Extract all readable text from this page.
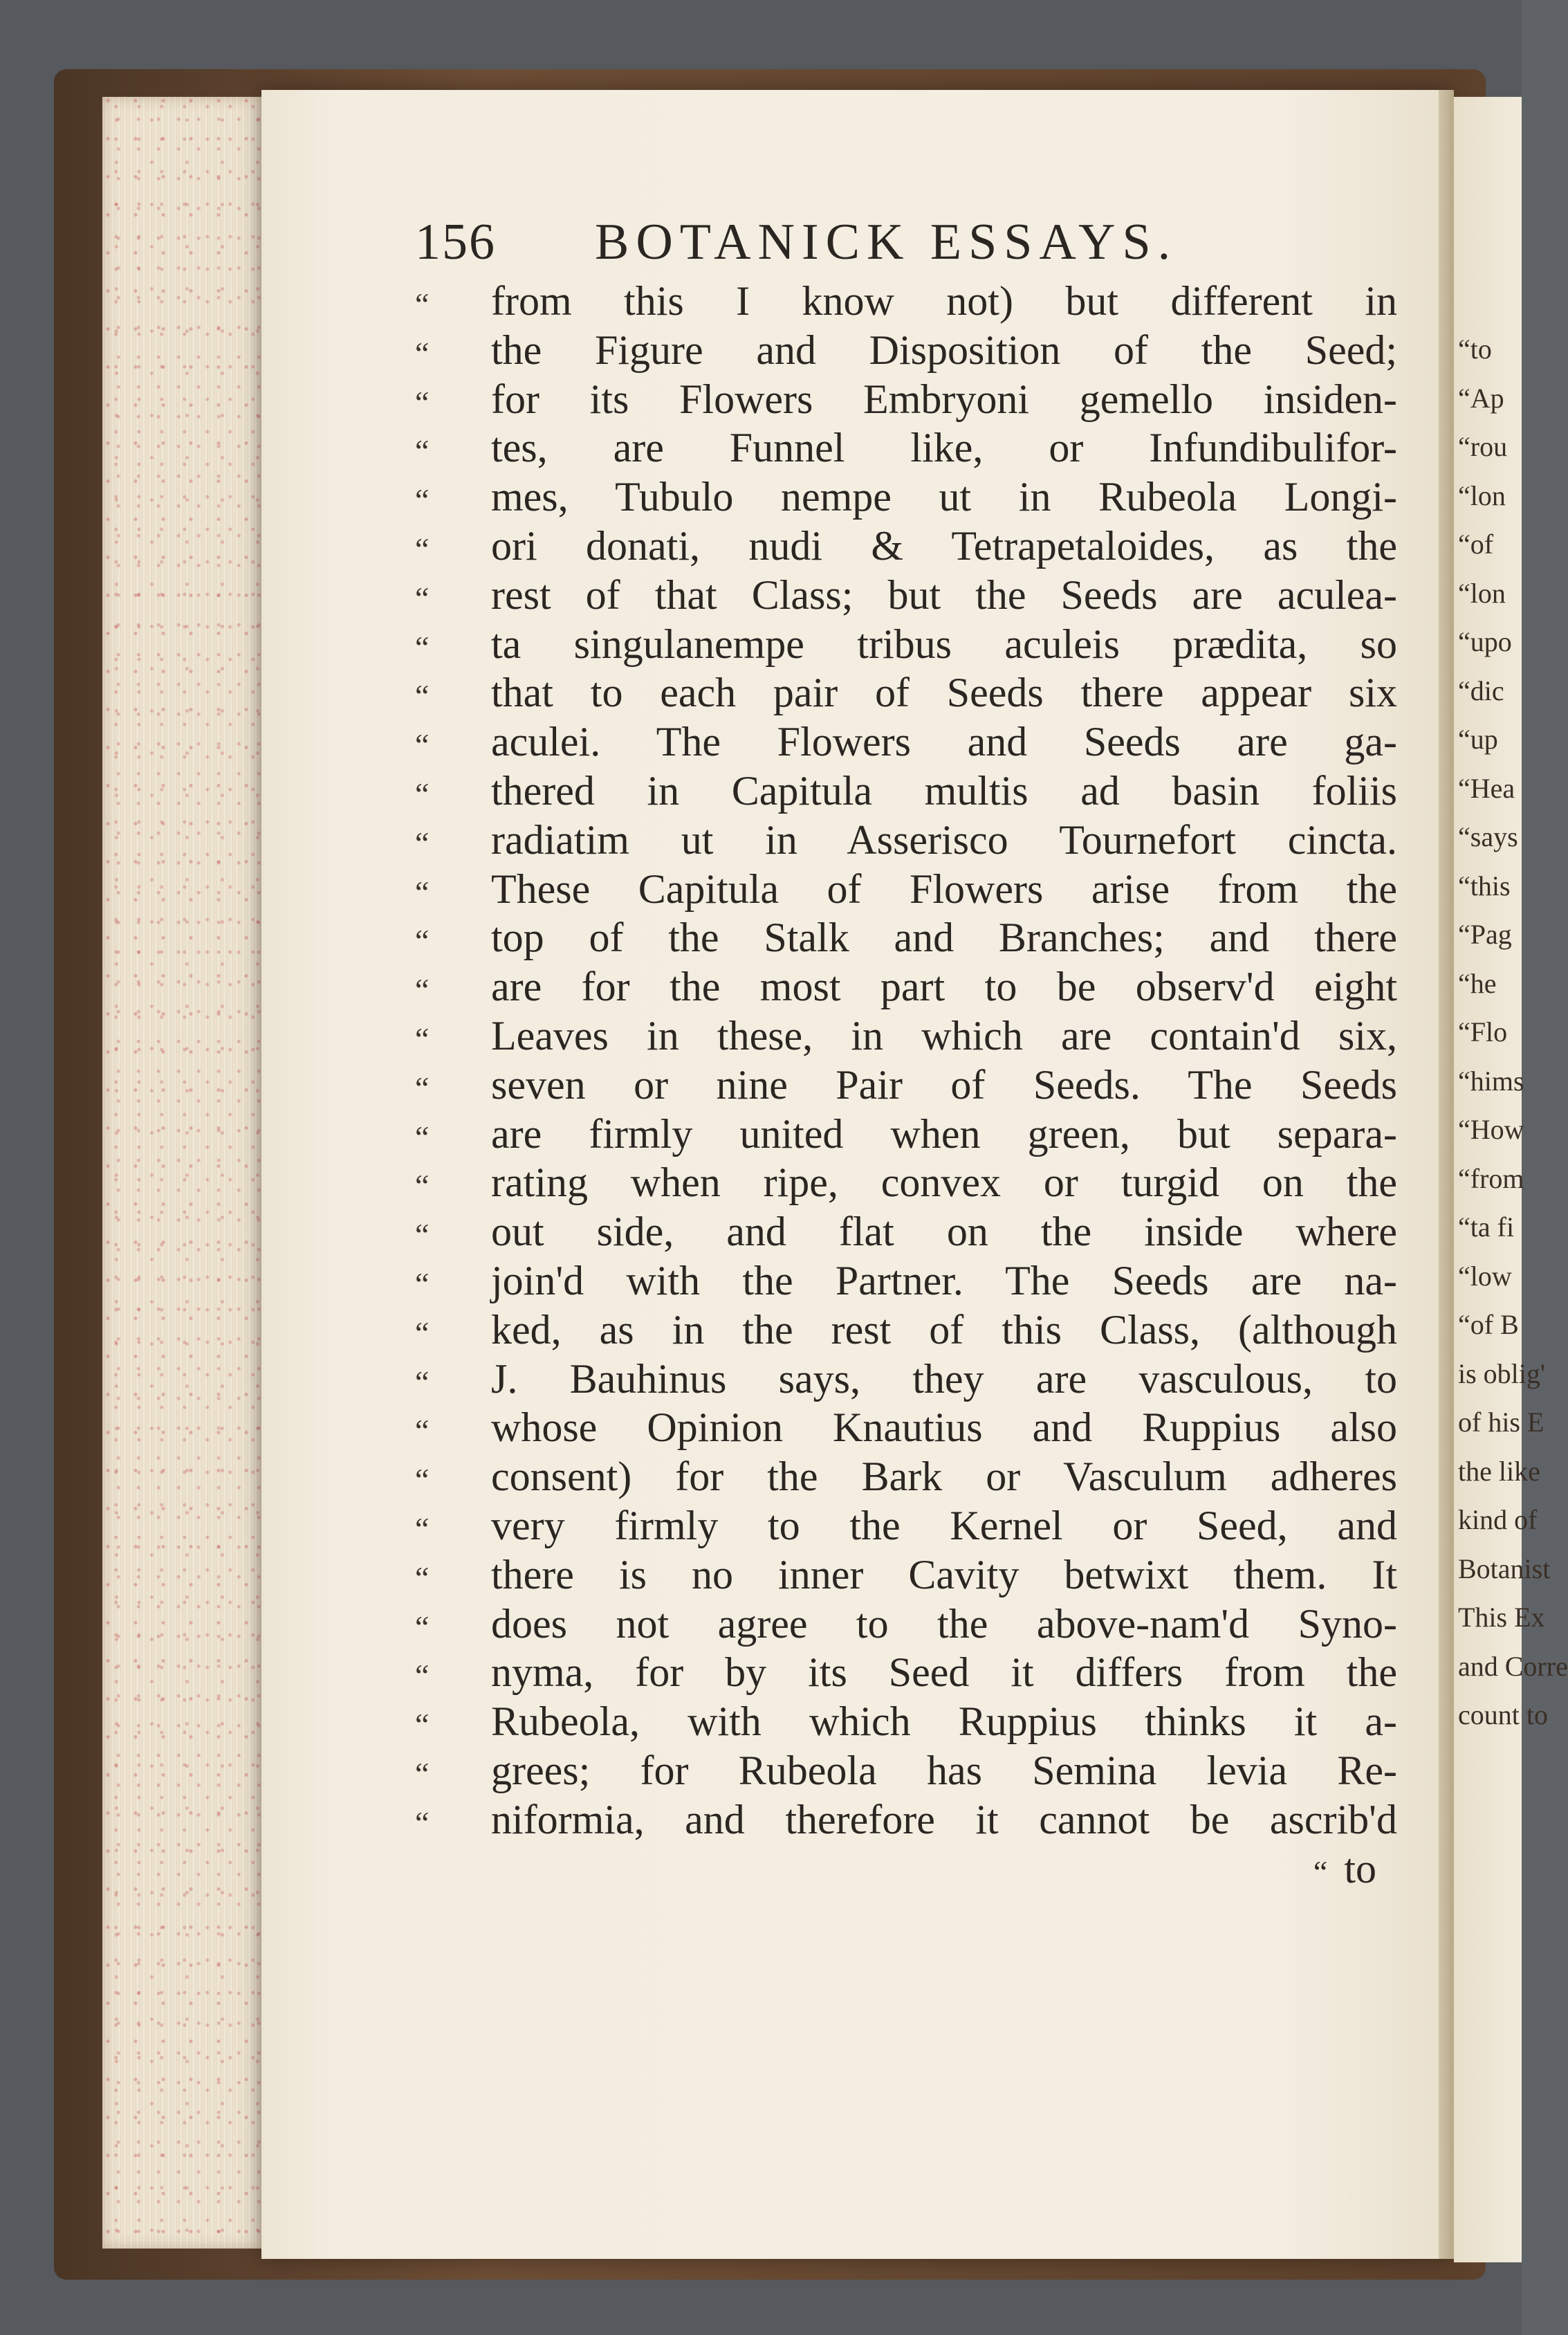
“to
“Ap
“rou
“lon
“of
“lon
“upo
“dic
“up
“Hea
“says
“this
“Pag
“he
“Flo
“hims
“How
“from
“ta fi
“low
“of B
is oblig'
of his E
the like
kind of
Botanist
This Ex
and Corre
count to
156 BOTANICK ESSAYS.
“	from this I know not) but different in
“	the Figure and Disposition of the Seed;
“	for its Flowers Embryoni gemello insiden-
“	tes, are Funnel like, or Infundibulifor-
“	mes, Tubulo nempe ut in Rubeola Longi-
“	ori donati, nudi & Tetrapetaloides, as the
“	rest of that Class; but the Seeds are aculea-
“	ta singulanempe tribus aculeis prædita, so
“	that to each pair of Seeds there appear six
“	aculei. The Flowers and Seeds are ga-
“	thered in Capitula multis ad basin foliis
“	radiatim ut in Asserisco Tournefort cincta.
“	These Capitula of Flowers arise from the
“	top of the Stalk and Branches; and there
“	are for the most part to be observ'd eight
“	Leaves in these, in which are contain'd six,
“	seven or nine Pair of Seeds. The Seeds
“	are firmly united when green, but separa-
“	rating when ripe, convex or turgid on the
“	out side, and flat on the inside where
“	join'd with the Partner. The Seeds are na-
“	ked, as in the rest of this Class, (although
“	J. Bauhinus says, they are vasculous, to
“	whose Opinion Knautius and Ruppius also
“	consent) for the Bark or Vasculum adheres
“	very firmly to the Kernel or Seed, and
“	there is no inner Cavity betwixt them. It
“	does not agree to the above-nam'd Syno-
“	nyma, for by its Seed it differs from the
“	Rubeola, with which Ruppius thinks it a-
“	grees; for Rubeola has Semina levia Re-
“	niformia, and therefore it cannot be ascrib'd
“ to
